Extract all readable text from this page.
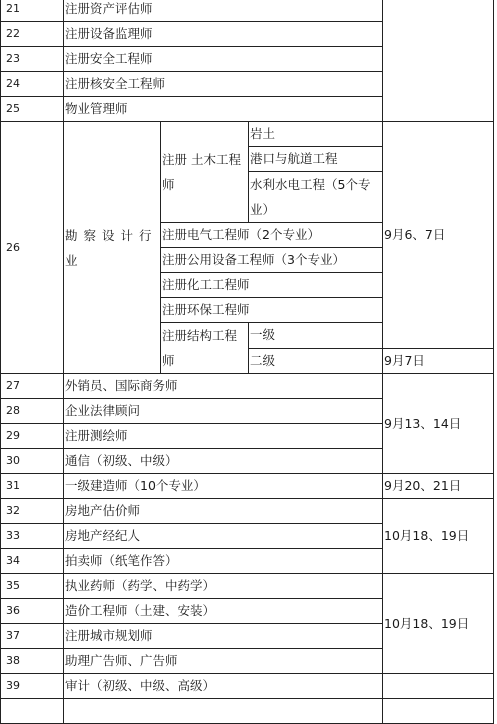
21	注册资产评估师			
22	注册设备监理师			
23	注册安全工程师			
24	注册核安全工程师			
25	物业管理师			
26	勘察设计行业	注册 土木工程师	岩土	9月6、7日
			港口与航道工程	
			水利水电工程（5个专业）	

		注册电气工程师（2个专业）		
		注册公用设备工程师（3个专业）		
		注册化工工程师		
		注册环保工程师		
		注册结构工程师	一级	
			二级	9月7日
27	外销员、国际商务师			9月13、14日
28	企业法律顾问			
29	注册测绘师			
30	通信（初级、中级）			
31	一级建造师（10个专业）			9月20、21日
32	房地产估价师			10月18、19日
33	房地产经纪人			
34	拍卖师（纸笔作答）			
35	执业药师（药学、中药学）			10月18、19日
36	造价工程师（土建、安装）			
37	注册城市规划师			
38	助理广告师、广告师			
39	审计（初级、中级、高级）			
